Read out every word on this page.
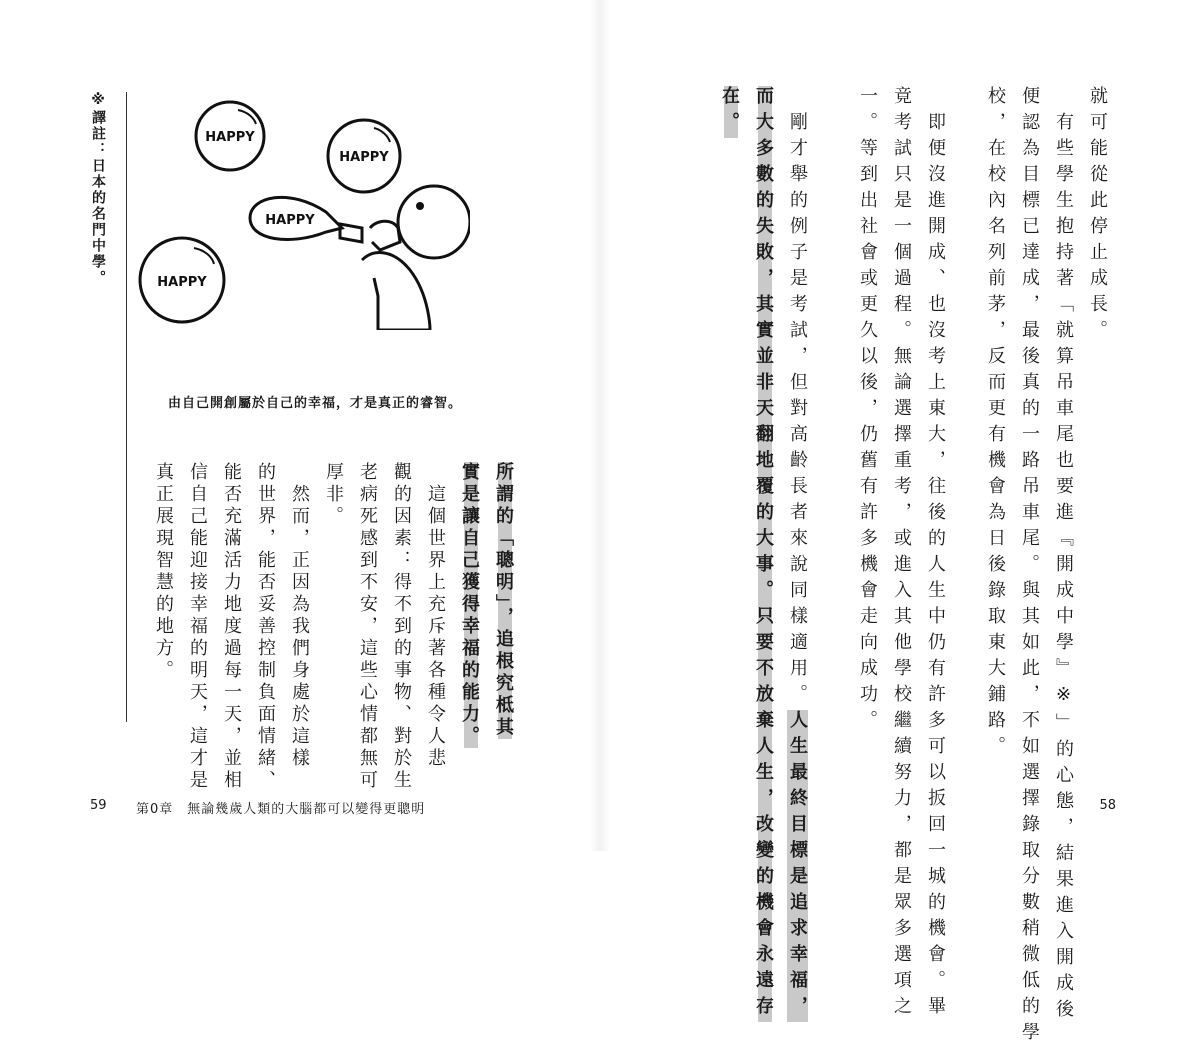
就可能從此停止成長。
　有些學生抱持著「就算吊車尾也要進『開成中學』※」的心態，結果進入開成後
便認為目標已達成，最後真的一路吊車尾。與其如此，不如選擇錄取分數稍微低的學
校，在校內名列前茅，反而更有機會為日後錄取東大鋪路。
　即便沒進開成、也沒考上東大，往後的人生中仍有許多可以扳回一城的機會。畢
竟考試只是一個過程。無論選擇重考，或進入其他學校繼續努力，都是眾多選項之
一。等到出社會或更久以後，仍舊有許多機會走向成功。
　剛才舉的例子是考試，但對高齡長者來說同樣適用。人生最終目標是追求幸福，
而大多數的失敗，其實並非天翻地覆的大事。只要不放棄人生，改變的機會永遠存
在。
※譯註：日本的名門中學。	HAPPY
HAPPY
HAPPY
HAPPY
由自己開創屬於自己的幸福，才是真正的睿智。
所謂的「聰明」，追根究柢其
實是讓自己獲得幸福的能力。
　這個世界上充斥著各種令人悲
觀的因素：得不到的事物、對於生
老病死感到不安，這些心情都無可
厚非。
　然而，正因為我們身處於這樣
的世界，能否妥善控制負面情緒、
能否充滿活力地度過每一天，並相
信自己能迎接幸福的明天，這才是
真正展現智慧的地方。
59 第0章 無論幾歲人類的大腦都可以變得更聰明	58
